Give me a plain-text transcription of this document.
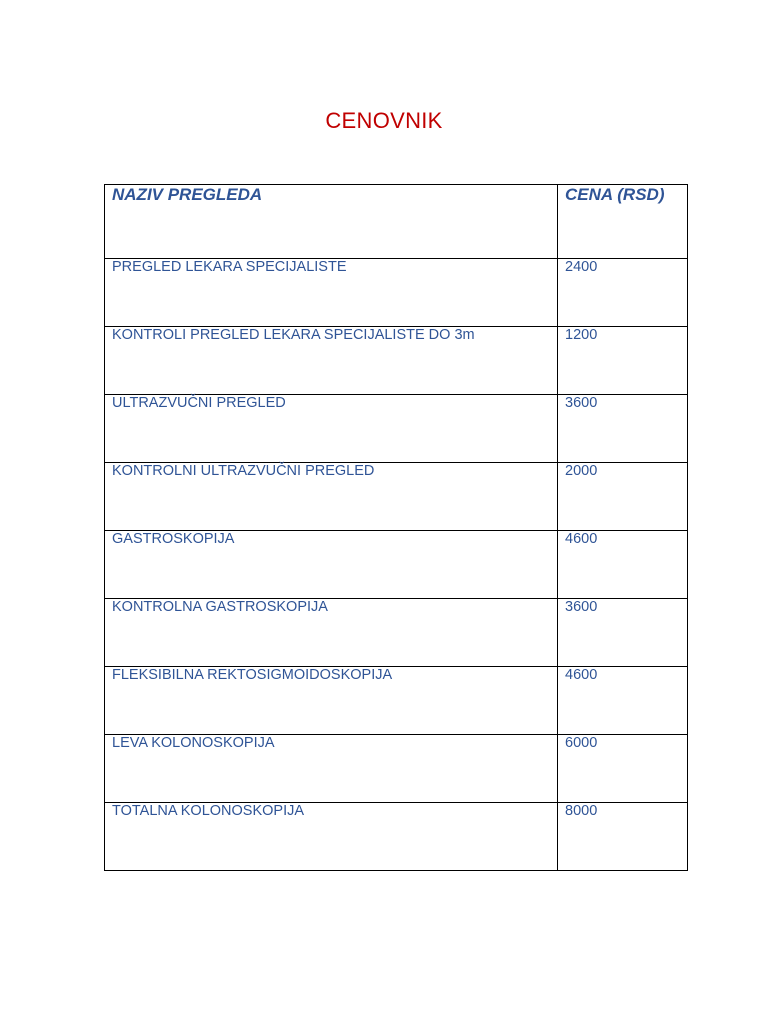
CENOVNIK
NAZIV PREGLEDA	CENA (RSD)
PREGLED LEKARA SPECIJALISTE	2400
KONTROLI PREGLED LEKARA SPECIJALISTE DO 3m	1200
ULTRAZVUČNI PREGLED	3600
KONTROLNI ULTRAZVUČNI PREGLED	2000
GASTROSKOPIJA	4600
KONTROLNA GASTROSKOPIJA	3600
FLEKSIBILNA REKTOSIGMOIDOSKOPIJA	4600
LEVA KOLONOSKOPIJA	6000
TOTALNA KOLONOSKOPIJA	8000
